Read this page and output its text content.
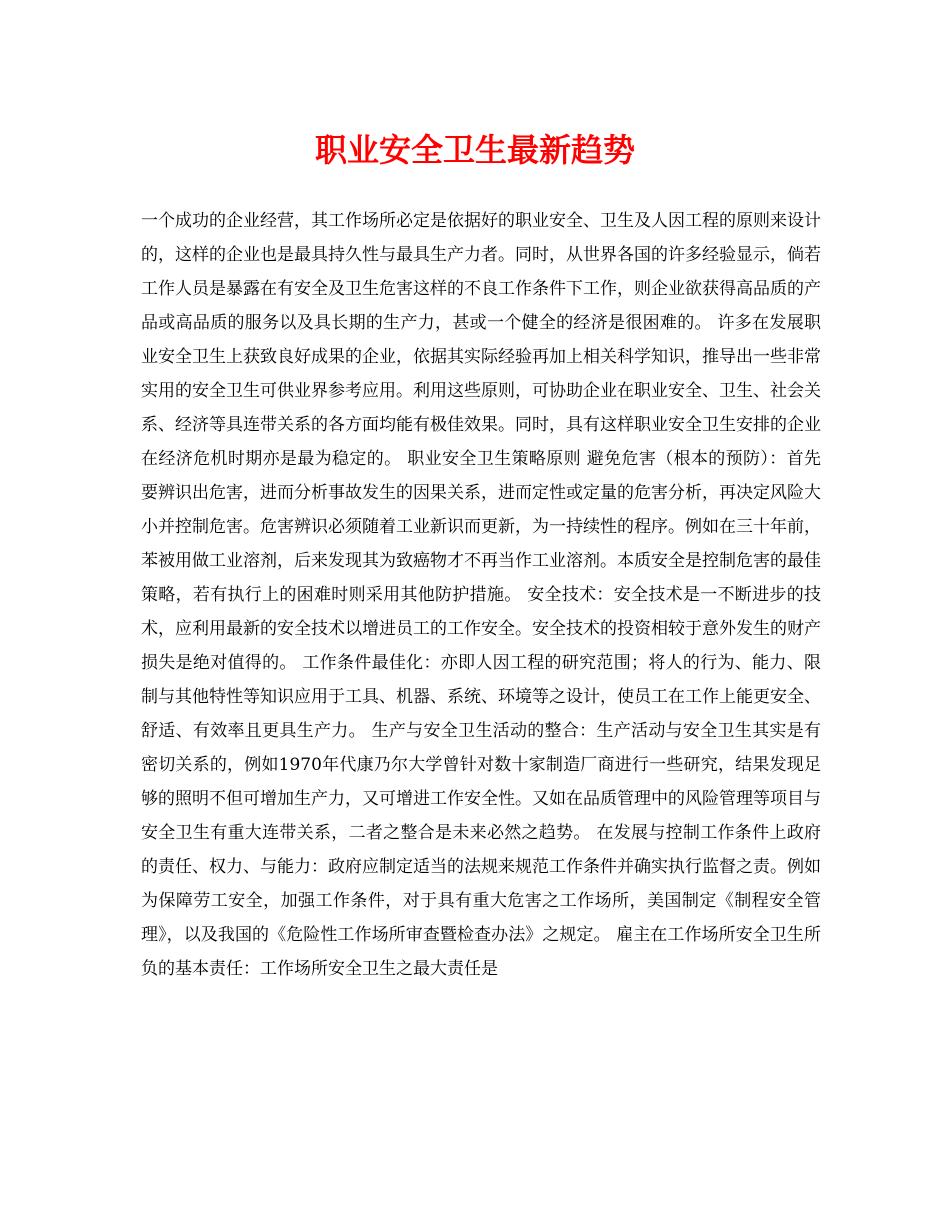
职业安全卫生最新趋势
一个成功的企业经营，其工作场所必定是依据好的职业安全、卫生及人因工程的原则来设计的，这样的企业也是最具持久性与最具生产力者。同时，从世界各国的许多经验显示，倘若工作人员是暴露在有安全及卫生危害这样的不良工作条件下工作，则企业欲获得高品质的产品或高品质的服务以及具长期的生产力，甚或一个健全的经济是很困难的。 许多在发展职业安全卫生上获致良好成果的企业，依据其实际经验再加上相关科学知识，推导出一些非常实用的安全卫生可供业界参考应用。利用这些原则，可协助企业在职业安全、卫生、社会关系、经济等具连带关系的各方面均能有极佳效果。同时，具有这样职业安全卫生安排的企业在经济危机时期亦是最为稳定的。 职业安全卫生策略原则 避免危害（根本的预防）：首先要辨识出危害，进而分析事故发生的因果关系，进而定性或定量的危害分析，再决定风险大小并控制危害。危害辨识必须随着工业新识而更新，为一持续性的程序。例如在三十年前，苯被用做工业溶剂，后来发现其为致癌物才不再当作工业溶剂。本质安全是控制危害的最佳策略，若有执行上的困难时则采用其他防护措施。 安全技术：安全技术是一不断进步的技术，应利用最新的安全技术以增进员工的工作安全。安全技术的投资相较于意外发生的财产损失是绝对值得的。 工作条件最佳化：亦即人因工程的研究范围；将人的行为、能力、限制与其他特性等知识应用于工具、机器、系统、环境等之设计，使员工在工作上能更安全、舒适、有效率且更具生产力。 生产与安全卫生活动的整合：生产活动与安全卫生其实是有密切关系的，例如1970年代康乃尔大学曾针对数十家制造厂商进行一些研究，结果发现足够的照明不但可增加生产力，又可增进工作安全性。又如在品质管理中的风险管理等项目与安全卫生有重大连带关系，二者之整合是未来必然之趋势。 在发展与控制工作条件上政府的责任、权力、与能力：政府应制定适当的法规来规范工作条件并确实执行监督之责。例如为保障劳工安全，加强工作条件，对于具有重大危害之工作场所，美国制定《制程安全管理》，以及我国的《危险性工作场所审查暨检查办法》之规定。 雇主在工作场所安全卫生所负的基本责任：工作场所安全卫生之最大责任是
